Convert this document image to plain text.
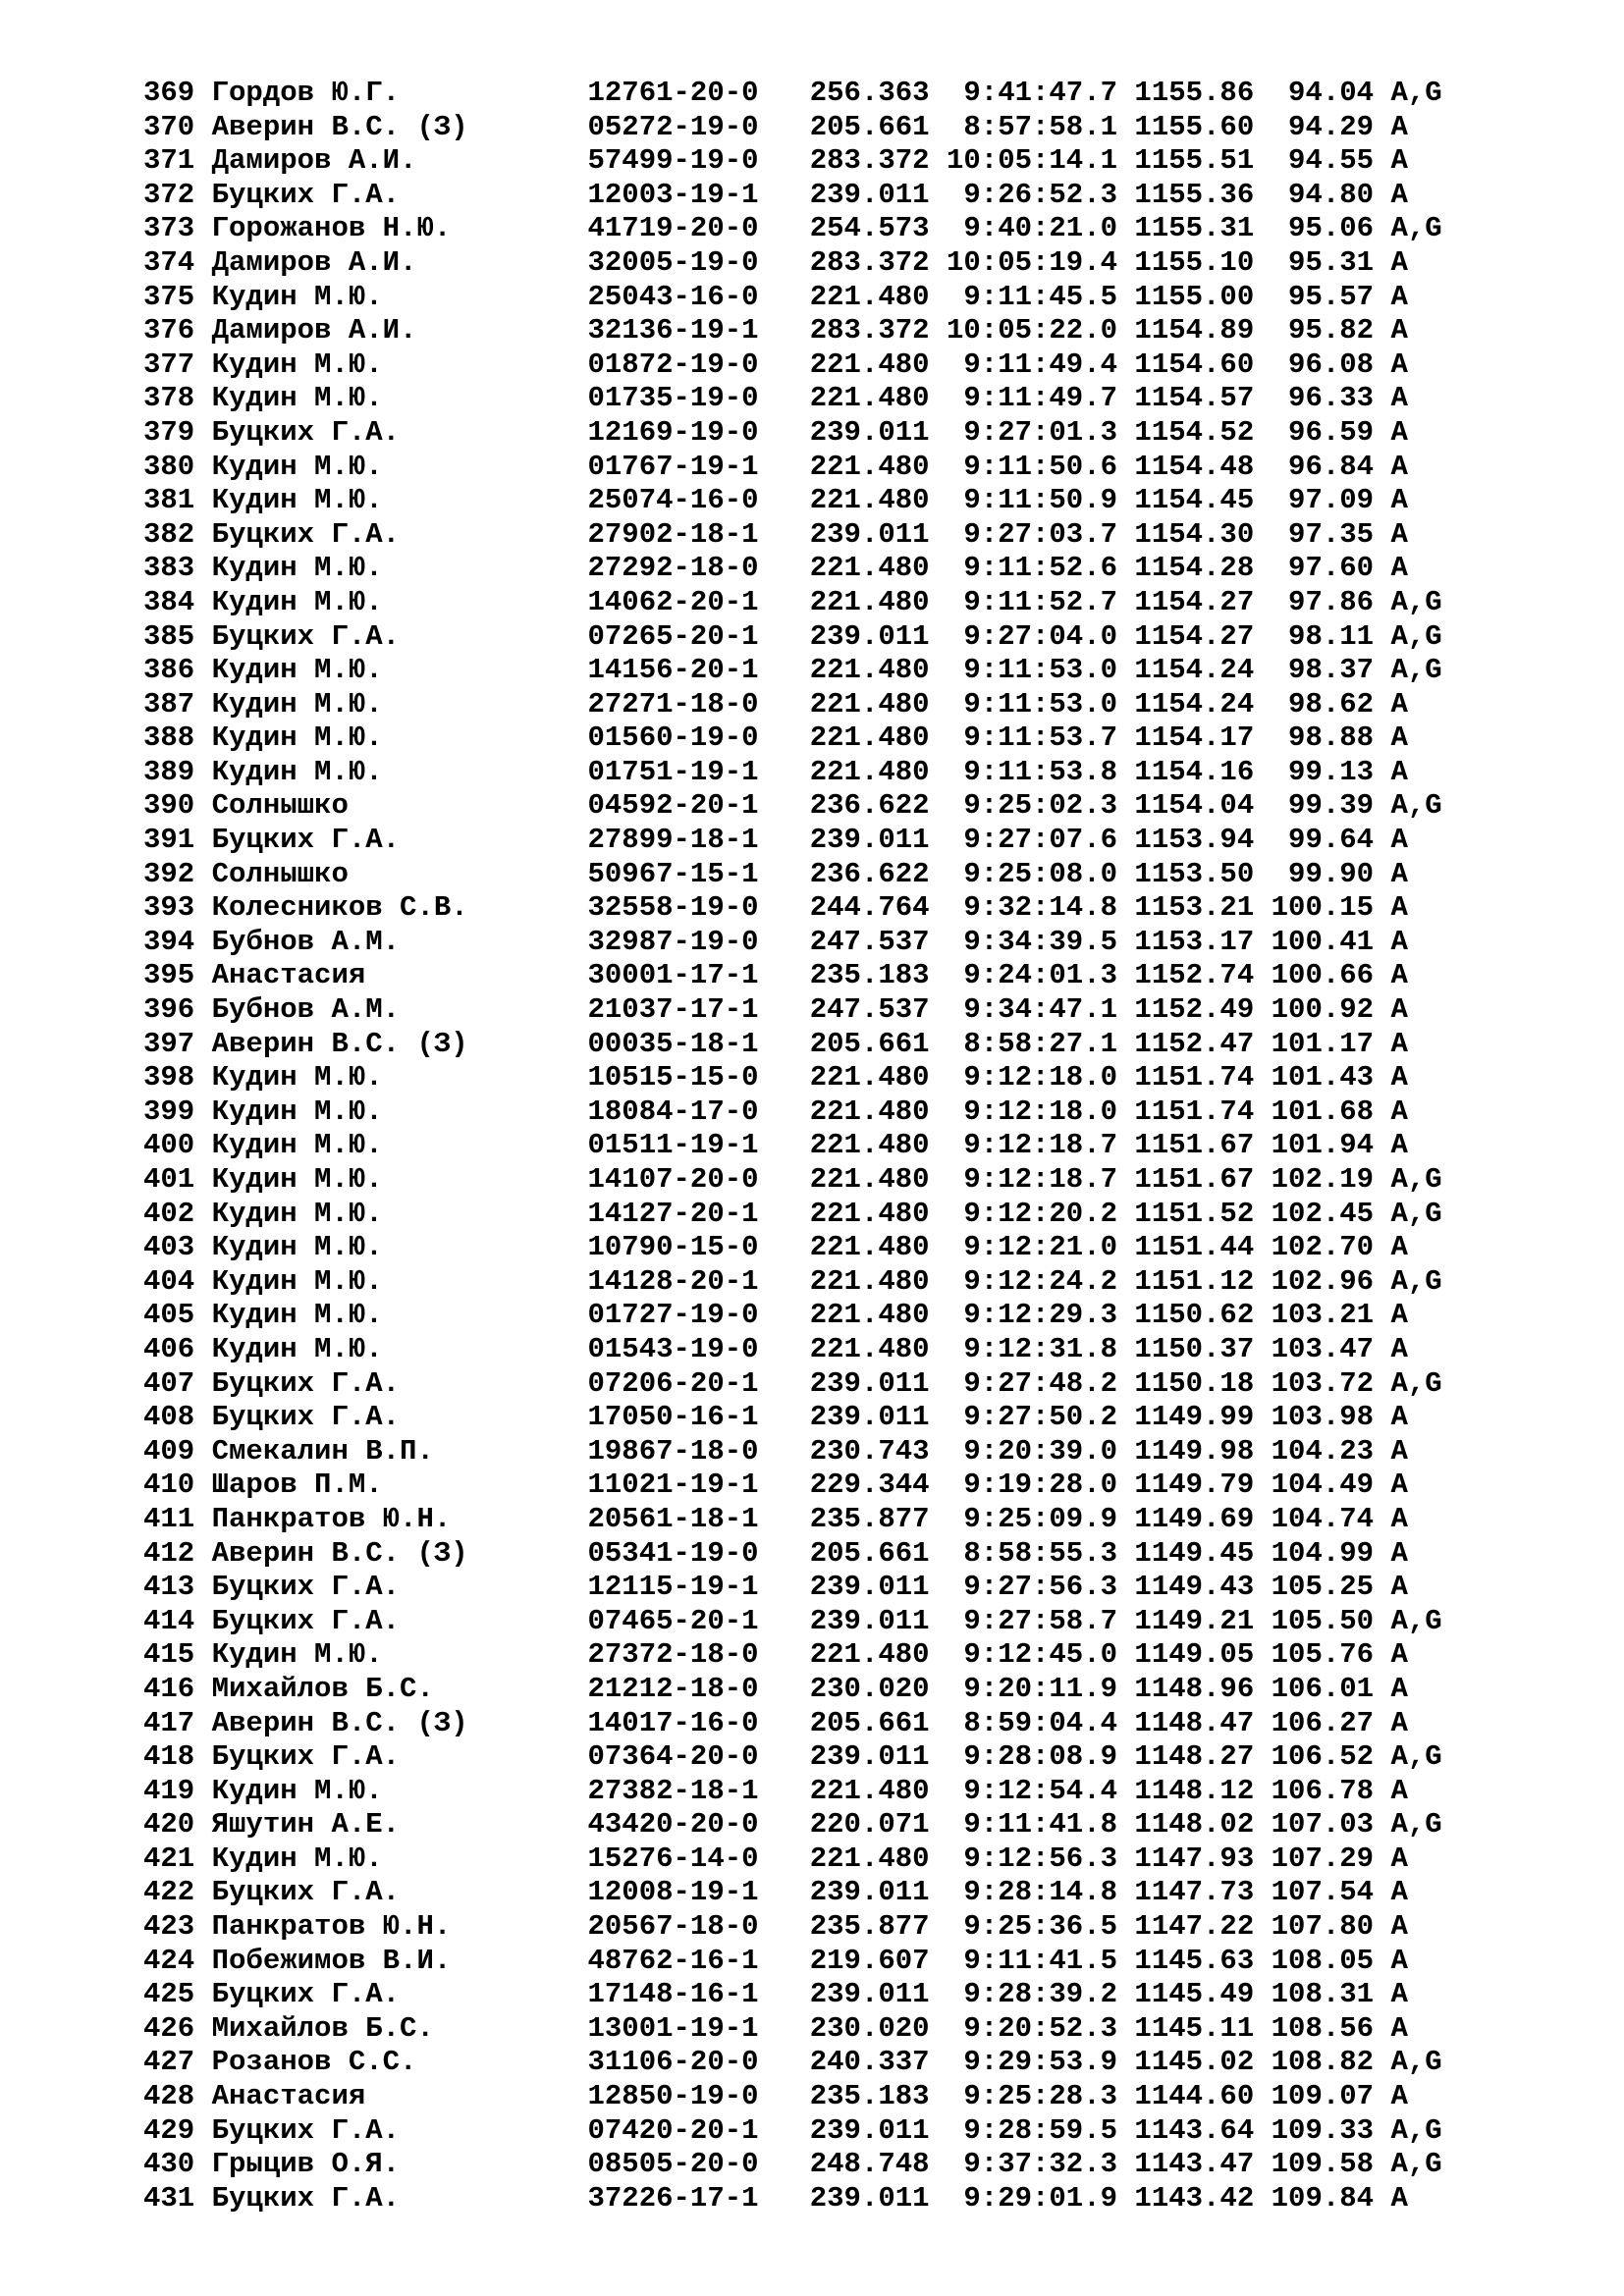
369 Гордов Ю.Г.           12761-20-0   256.363  9:41:47.7 1155.86  94.04 A,G
370 Аверин В.С. (З)       05272-19-0   205.661  8:57:58.1 1155.60  94.29 A
371 Дамиров А.И.          57499-19-0   283.372 10:05:14.1 1155.51  94.55 A
372 Буцких Г.А.           12003-19-1   239.011  9:26:52.3 1155.36  94.80 A
373 Горожанов Н.Ю.        41719-20-0   254.573  9:40:21.0 1155.31  95.06 A,G
374 Дамиров А.И.          32005-19-0   283.372 10:05:19.4 1155.10  95.31 A
375 Кудин М.Ю.            25043-16-0   221.480  9:11:45.5 1155.00  95.57 A
376 Дамиров А.И.          32136-19-1   283.372 10:05:22.0 1154.89  95.82 A
377 Кудин М.Ю.            01872-19-0   221.480  9:11:49.4 1154.60  96.08 A
378 Кудин М.Ю.            01735-19-0   221.480  9:11:49.7 1154.57  96.33 A
379 Буцких Г.А.           12169-19-0   239.011  9:27:01.3 1154.52  96.59 A
380 Кудин М.Ю.            01767-19-1   221.480  9:11:50.6 1154.48  96.84 A
381 Кудин М.Ю.            25074-16-0   221.480  9:11:50.9 1154.45  97.09 A
382 Буцких Г.А.           27902-18-1   239.011  9:27:03.7 1154.30  97.35 A
383 Кудин М.Ю.            27292-18-0   221.480  9:11:52.6 1154.28  97.60 A
384 Кудин М.Ю.            14062-20-1   221.480  9:11:52.7 1154.27  97.86 A,G
385 Буцких Г.А.           07265-20-1   239.011  9:27:04.0 1154.27  98.11 A,G
386 Кудин М.Ю.            14156-20-1   221.480  9:11:53.0 1154.24  98.37 A,G
387 Кудин М.Ю.            27271-18-0   221.480  9:11:53.0 1154.24  98.62 A
388 Кудин М.Ю.            01560-19-0   221.480  9:11:53.7 1154.17  98.88 A
389 Кудин М.Ю.            01751-19-1   221.480  9:11:53.8 1154.16  99.13 A
390 Солнышко              04592-20-1   236.622  9:25:02.3 1154.04  99.39 A,G
391 Буцких Г.А.           27899-18-1   239.011  9:27:07.6 1153.94  99.64 A
392 Солнышко              50967-15-1   236.622  9:25:08.0 1153.50  99.90 A
393 Колесников С.В.       32558-19-0   244.764  9:32:14.8 1153.21 100.15 A
394 Бубнов А.М.           32987-19-0   247.537  9:34:39.5 1153.17 100.41 A
395 Анастасия             30001-17-1   235.183  9:24:01.3 1152.74 100.66 A
396 Бубнов А.М.           21037-17-1   247.537  9:34:47.1 1152.49 100.92 A
397 Аверин В.С. (З)       00035-18-1   205.661  8:58:27.1 1152.47 101.17 A
398 Кудин М.Ю.            10515-15-0   221.480  9:12:18.0 1151.74 101.43 A
399 Кудин М.Ю.            18084-17-0   221.480  9:12:18.0 1151.74 101.68 A
400 Кудин М.Ю.            01511-19-1   221.480  9:12:18.7 1151.67 101.94 A
401 Кудин М.Ю.            14107-20-0   221.480  9:12:18.7 1151.67 102.19 A,G
402 Кудин М.Ю.            14127-20-1   221.480  9:12:20.2 1151.52 102.45 A,G
403 Кудин М.Ю.            10790-15-0   221.480  9:12:21.0 1151.44 102.70 A
404 Кудин М.Ю.            14128-20-1   221.480  9:12:24.2 1151.12 102.96 A,G
405 Кудин М.Ю.            01727-19-0   221.480  9:12:29.3 1150.62 103.21 A
406 Кудин М.Ю.            01543-19-0   221.480  9:12:31.8 1150.37 103.47 A
407 Буцких Г.А.           07206-20-1   239.011  9:27:48.2 1150.18 103.72 A,G
408 Буцких Г.А.           17050-16-1   239.011  9:27:50.2 1149.99 103.98 A
409 Смекалин В.П.         19867-18-0   230.743  9:20:39.0 1149.98 104.23 A
410 Шаров П.М.            11021-19-1   229.344  9:19:28.0 1149.79 104.49 A
411 Панкратов Ю.Н.        20561-18-1   235.877  9:25:09.9 1149.69 104.74 A
412 Аверин В.С. (З)       05341-19-0   205.661  8:58:55.3 1149.45 104.99 A
413 Буцких Г.А.           12115-19-1   239.011  9:27:56.3 1149.43 105.25 A
414 Буцких Г.А.           07465-20-1   239.011  9:27:58.7 1149.21 105.50 A,G
415 Кудин М.Ю.            27372-18-0   221.480  9:12:45.0 1149.05 105.76 A
416 Михайлов Б.С.         21212-18-0   230.020  9:20:11.9 1148.96 106.01 A
417 Аверин В.С. (З)       14017-16-0   205.661  8:59:04.4 1148.47 106.27 A
418 Буцких Г.А.           07364-20-0   239.011  9:28:08.9 1148.27 106.52 A,G
419 Кудин М.Ю.            27382-18-1   221.480  9:12:54.4 1148.12 106.78 A
420 Яшутин А.Е.           43420-20-0   220.071  9:11:41.8 1148.02 107.03 A,G
421 Кудин М.Ю.            15276-14-0   221.480  9:12:56.3 1147.93 107.29 A
422 Буцких Г.А.           12008-19-1   239.011  9:28:14.8 1147.73 107.54 A
423 Панкратов Ю.Н.        20567-18-0   235.877  9:25:36.5 1147.22 107.80 A
424 Побежимов В.И.        48762-16-1   219.607  9:11:41.5 1145.63 108.05 A
425 Буцких Г.А.           17148-16-1   239.011  9:28:39.2 1145.49 108.31 A
426 Михайлов Б.С.         13001-19-1   230.020  9:20:52.3 1145.11 108.56 A
427 Розанов С.С.          31106-20-0   240.337  9:29:53.9 1145.02 108.82 A,G
428 Анастасия             12850-19-0   235.183  9:25:28.3 1144.60 109.07 A
429 Буцких Г.А.           07420-20-1   239.011  9:28:59.5 1143.64 109.33 A,G
430 Грыцив О.Я.           08505-20-0   248.748  9:37:32.3 1143.47 109.58 A,G
431 Буцких Г.А.           37226-17-1   239.011  9:29:01.9 1143.42 109.84 A
